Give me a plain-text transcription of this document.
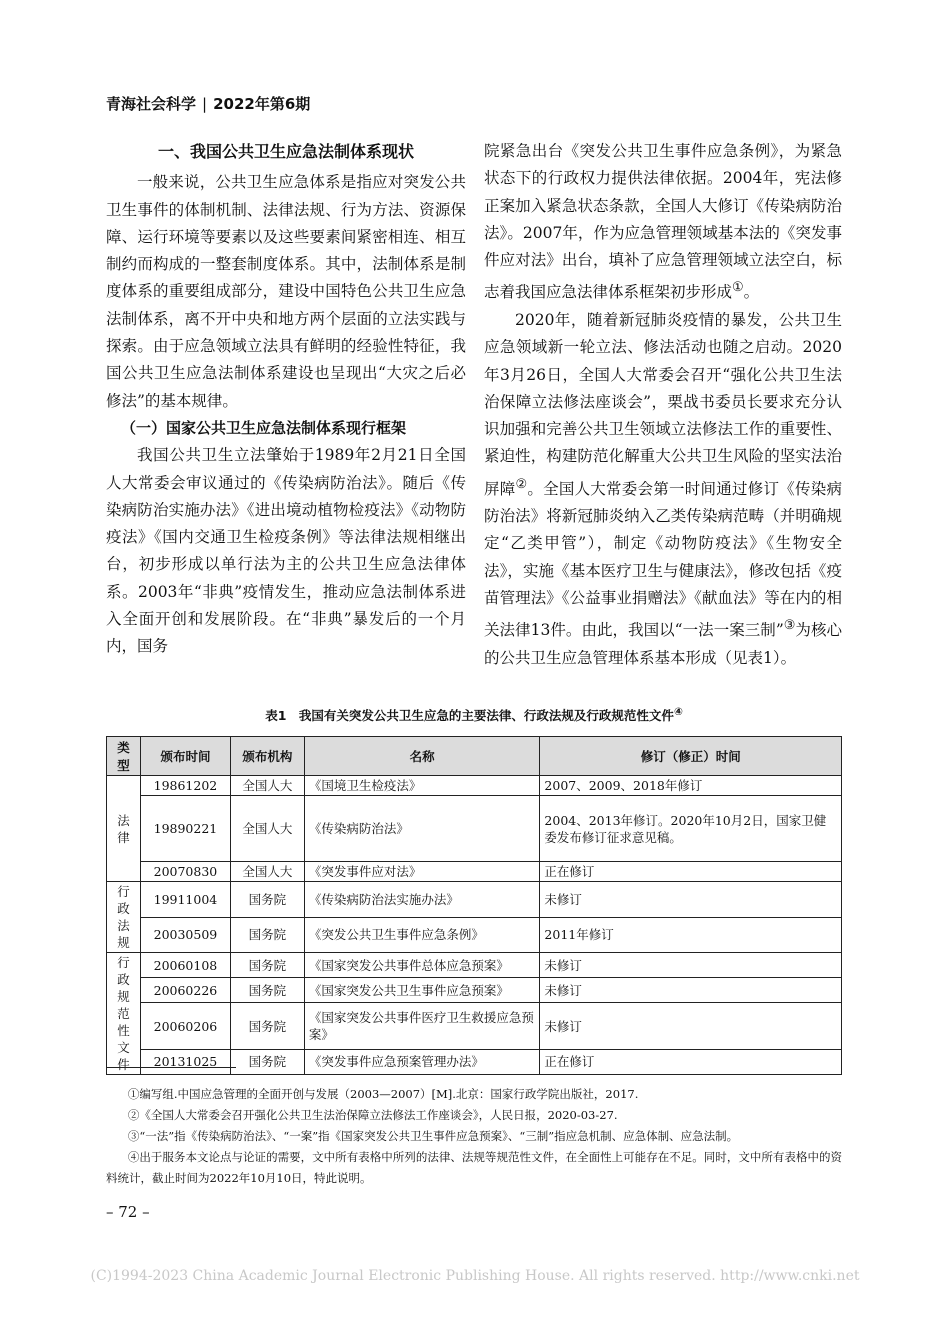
青海社会科学 | 2022年第6期
一、我国公共卫生应急法制体系现状

一般来说，公共卫生应急体系是指应对突发公共卫生事件的体制机制、法律法规、行为方法、资源保障、运行环境等要素以及这些要素间紧密相连、相互制约而构成的一整套制度体系。其中，法制体系是制度体系的重要组成部分，建设中国特色公共卫生应急法制体系，离不开中央和地方两个层面的立法实践与探索。由于应急领域立法具有鲜明的经验性特征，我国公共卫生应急法制体系建设也呈现出“大灾之后必修法”的基本规律。

（一）国家公共卫生应急法制体系现行框架

我国公共卫生立法肇始于1989年2月21日全国人大常委会审议通过的《传染病防治法》。随后《传染病防治实施办法》《进出境动植物检疫法》《动物防疫法》《国内交通卫生检疫条例》等法律法规相继出台，初步形成以单行法为主的公共卫生应急法律体系。2003年“非典”疫情发生，推动应急法制体系进入全面开创和发展阶段。在“非典”暴发后的一个月内，国务

院紧急出台《突发公共卫生事件应急条例》，为紧急状态下的行政权力提供法律依据。2004年，宪法修正案加入紧急状态条款，全国人大修订《传染病防治法》。2007年，作为应急管理领域基本法的《突发事件应对法》出台，填补了应急管理领域立法空白，标志着我国应急法律体系框架初步形成①。

2020年，随着新冠肺炎疫情的暴发，公共卫生应急领域新一轮立法、修法活动也随之启动。2020年3月26日，全国人大常委会召开“强化公共卫生法治保障立法修法座谈会”，栗战书委员长要求充分认识加强和完善公共卫生领域立法修法工作的重要性、紧迫性，构建防范化解重大公共卫生风险的坚实法治屏障②。全国人大常委会第一时间通过修订《传染病防治法》将新冠肺炎纳入乙类传染病范畴（并明确规定“乙类甲管”），制定《动物防疫法》《生物安全法》，实施《基本医疗卫生与健康法》，修改包括《疫苗管理法》《公益事业捐赠法》《献血法》等在内的相关法律13件。由此，我国以“一法一案三制”③为核心的公共卫生应急管理体系基本形成（见表1）。

表1　我国有关突发公共卫生应急的主要法律、行政法规及行政规范性文件④
类型	颁布时间	颁布机构	名称	修订（修正）时间
法律	19861202	全国人大	《国境卫生检疫法》	2007、2009、2018年修订
	19890221	全国人大	《传染病防治法》	2004、2013年修订。2020年10月2日，国家卫健委发布修订征求意见稿。
	20070830	全国人大	《突发事件应对法》	正在修订
行政法规	19911004	国务院	《传染病防治法实施办法》	未修订
	20030509	国务院	《突发公共卫生事件应急条例》	2011年修订
行政规范性文件	20060108	国务院	《国家突发公共事件总体应急预案》	未修订
	20060226	国务院	《国家突发公共卫生事件应急预案》	未修订
	20060206	国务院	《国家突发公共事件医疗卫生救援应急预案》	未修订
	20131025	国务院	《突发事件应急预案管理办法》	正在修订

①编写组.中国应急管理的全面开创与发展（2003—2007）[M].北京：国家行政学院出版社，2017.

②《全国人大常委会召开强化公共卫生法治保障立法修法工作座谈会》，人民日报，2020-03-27.

③“一法”指《传染病防治法》、“一案”指《国家突发公共卫生事件应急预案》、“三制”指应急机制、应急体制、应急法制。

④出于服务本文论点与论证的需要，文中所有表格中所列的法律、法规等规范性文件，在全面性上可能存在不足。同时，文中所有表格中的资料统计，截止时间为2022年10月10日，特此说明。

– 72 –
(C)1994-2023 China Academic Journal Electronic Publishing House. All rights reserved. http://www.cnki.net
